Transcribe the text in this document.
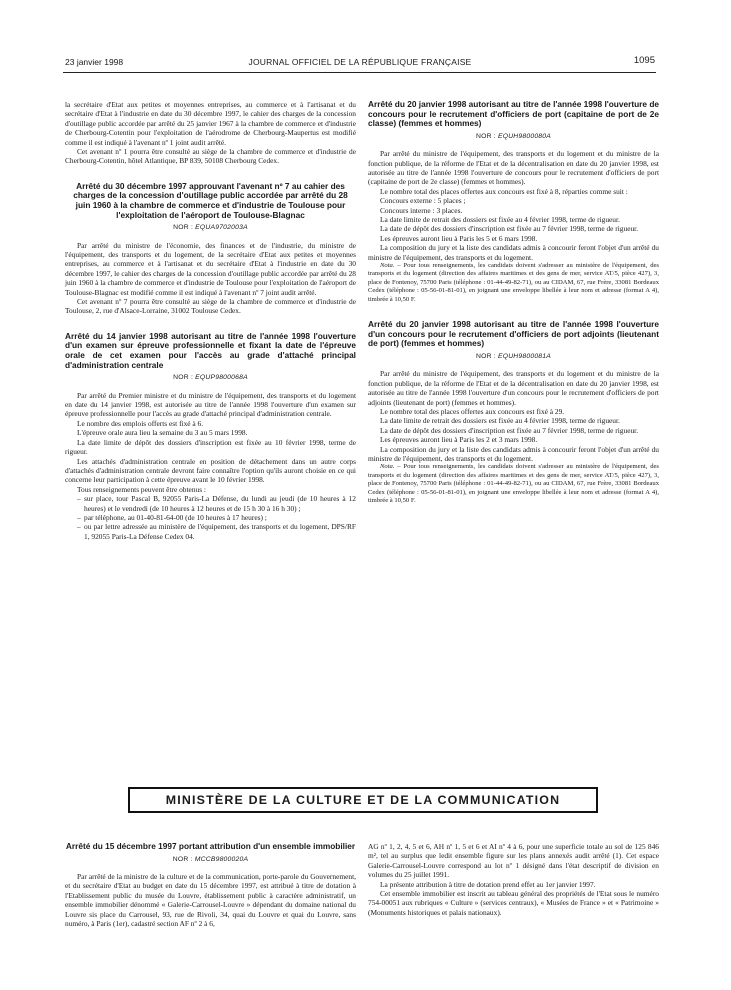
23 janvier 1998	JOURNAL OFFICIEL DE LA RÉPUBLIQUE FRANÇAISE	1095

la secrétaire d'Etat aux petites et moyennes entreprises, au commerce et à l'artisanat et du secrétaire d'Etat à l'industrie en date du 30 décembre 1997, le cahier des charges de la concession d'outillage public accordée par arrêté du 25 janvier 1967 à la chambre de commerce et d'industrie de Cherbourg-Cotentin pour l'exploitation de l'aérodrome de Cherbourg-Maupertus est modifié comme il est indiqué à l'avenant nº 1 joint audit arrêté.

Cet avenant nº 1 pourra être consulté au siège de la chambre de commerce et d'industrie de Cherbourg-Cotentin, hôtel Atlantique, BP 839, 50108 Cherbourg Cedex.

Arrêté du 30 décembre 1997 approuvant l'avenant nº 7 au cahier des charges de la concession d'outillage public accordée par arrêté du 28 juin 1960 à la chambre de commerce et d'industrie de Toulouse pour l'exploitation de l'aéroport de Toulouse-Blagnac
NOR : EQUA9702003A

Par arrêté du ministre de l'économie, des finances et de l'industrie, du ministre de l'équipement, des transports et du logement, de la secrétaire d'Etat aux petites et moyennes entreprises, au commerce et à l'artisanat et du secrétaire d'Etat à l'industrie en date du 30 décembre 1997, le cahier des charges de la concession d'outillage public accordée par arrêté du 28 juin 1960 à la chambre de commerce et d'industrie de Toulouse pour l'exploitation de l'aéroport de Toulouse-Blagnac est modifié comme il est indiqué à l'avenant nº 7 joint audit arrêté.

Cet avenant nº 7 pourra être consulté au siège de la chambre de commerce et d'industrie de Toulouse, 2, rue d'Alsace-Lorraine, 31002 Toulouse Cedex.

Arrêté du 14 janvier 1998 autorisant au titre de l'année 1998 l'ouverture d'un examen sur épreuve professionnelle et fixant la date de l'épreuve orale de cet examen pour l'accès au grade d'attaché principal d'administration centrale
NOR : EQUP9800068A

Par arrêté du Premier ministre et du ministre de l'équipement, des transports et du logement en date du 14 janvier 1998, est autorisée au titre de l'année 1998 l'ouverture d'un examen sur épreuve professionnelle pour l'accès au grade d'attaché principal d'administration centrale.

Le nombre des emplois offerts est fixé à 6.

L'épreuve orale aura lieu la semaine du 3 au 5 mars 1998.

La date limite de dépôt des dossiers d'inscription est fixée au 10 février 1998, terme de rigueur.

Les attachés d'administration centrale en position de détachement dans un autre corps d'attachés d'administration centrale devront faire connaître l'option qu'ils auront choisie en ce qui concerne leur participation à cette épreuve avant le 10 février 1998.

Tous renseignements peuvent être obtenus :

– sur place, tour Pascal B, 92055 Paris-La Défense, du lundi au jeudi (de 10 heures à 12 heures) et le vendredi (de 10 heures à 12 heures et de 15 h 30 à 16 h 30) ;
– par téléphone, au 01-40-81-64-00 (de 10 heures à 17 heures) ;
– ou par lettre adressée au ministère de l'équipement, des transports et du logement, DPS/RF 1, 92055 Paris-La Défense Cedex 04.
Arrêté du 20 janvier 1998 autorisant au titre de l'année 1998 l'ouverture de concours pour le recrutement d'officiers de port (capitaine de port de 2e classe) (femmes et hommes)
NOR : EQUH9800080A

Par arrêté du ministre de l'équipement, des transports et du logement et du ministre de la fonction publique, de la réforme de l'Etat et de la décentralisation en date du 20 janvier 1998, est autorisée au titre de l'année 1998 l'ouverture de concours pour le recrutement d'officiers de port (capitaine de port de 2e classe) (femmes et hommes).

Le nombre total des places offertes aux concours est fixé à 8, réparties comme suit :

Concours externe : 5 places ;

Concours interne : 3 places.

La date limite de retrait des dossiers est fixée au 4 février 1998, terme de rigueur.

La date de dépôt des dossiers d'inscription est fixée au 7 février 1998, terme de rigueur.

Les épreuves auront lieu à Paris les 5 et 6 mars 1998.

La composition du jury et la liste des candidats admis à concourir feront l'objet d'un arrêté du ministre de l'équipement, des transports et du logement.

Nota. – Pour tous renseignements, les candidats doivent s'adresser au ministère de l'équipement, des transports et du logement (direction des affaires maritimes et des gens de mer, service AT/5, pièce 427), 3, place de Fontenoy, 75700 Paris (téléphone : 01-44-49-82-71), ou au CIDAM, 67, rue Frère, 33081 Bordeaux Cedex (téléphone : 05-56-01-81-01), en joignant une enveloppe libellée à leur nom et adresse (format A 4), timbrée à 10,50 F.

Arrêté du 20 janvier 1998 autorisant au titre de l'année 1998 l'ouverture d'un concours pour le recrutement d'officiers de port adjoints (lieutenant de port) (femmes et hommes)
NOR : EQUH9800081A

Par arrêté du ministre de l'équipement, des transports et du logement et du ministre de la fonction publique, de la réforme de l'Etat et de la décentralisation en date du 20 janvier 1998, est autorisée au titre de l'année 1998 l'ouverture d'un concours pour le recrutement d'officiers de port adjoints (lieutenant de port) (femmes et hommes).

Le nombre total des places offertes aux concours est fixé à 29.

La date limite de retrait des dossiers est fixée au 4 février 1998, terme de rigueur.

La date de dépôt des dossiers d'inscription est fixée au 7 février 1998, terme de rigueur.

Les épreuves auront lieu à Paris les 2 et 3 mars 1998.

La composition du jury et la liste des candidats admis à concourir feront l'objet d'un arrêté du ministre de l'équipement, des transports et du logement.

Nota. – Pour tous renseignements, les candidats doivent s'adresser au ministère de l'équipement, des transports et du logement (direction des affaires maritimes et des gens de mer, service AT/5, pièce 427), 3, place de Fontenoy, 75700 Paris (téléphone : 01-44-49-82-71), ou au CIDAM, 67, rue Frère, 33081 Bordeaux Cedex (téléphone : 05-56-01-81-01), en joignant une enveloppe libellée à leur nom et adresse (format A 4), timbrée à 10,50 F.

MINISTÈRE DE LA CULTURE ET DE LA COMMUNICATION
Arrêté du 15 décembre 1997 portant attribution d'un ensemble immobilier
NOR : MCCB9800020A

Par arrêté de la ministre de la culture et de la communication, porte-parole du Gouvernement, et du secrétaire d'Etat au budget en date du 15 décembre 1997, est attribué à titre de dotation à l'Etablissement public du musée du Louvre, établissement public à caractère administratif, un ensemble immobilier dénommé « Galerie-Carrousel-Louvre » dépendant du domaine national du Louvre sis place du Carrousel, 93, rue de Rivoli, 34, quai du Louvre et quai du Louvre, sans numéro, à Paris (1er), cadastré section AF nº 2 à 6,

AG nº 1, 2, 4, 5 et 6, AH nº 1, 5 et 6 et AI nº 4 à 6, pour une superficie totale au sol de 125 846 m², tel au surplus que ledit ensemble figure sur les plans annexés audit arrêté (1). Cet espace Galerie-Carrousel-Louvre correspond au lot nº 1 désigné dans l'état descriptif de division en volumes du 25 juillet 1991.

La présente attribution à titre de dotation prend effet au 1er janvier 1997.

Cet ensemble immobilier est inscrit au tableau général des propriétés de l'Etat sous le numéro 754-00051 aux rubriques « Culture » (services centraux), « Musées de France » et « Patrimoine » (Monuments historiques et palais nationaux).
